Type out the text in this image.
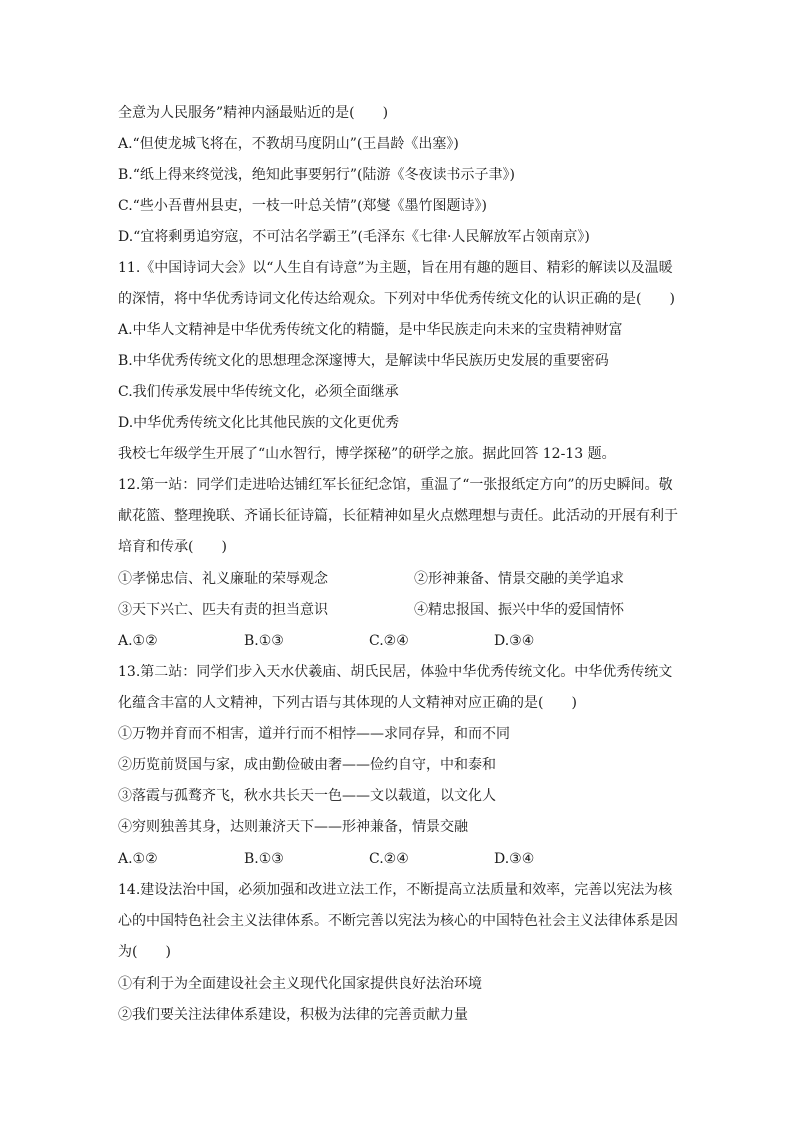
全意为人民服务”精神内涵最贴近的是(　　)
A.“但使龙城飞将在，不教胡马度阴山”(王昌龄《出塞》)
B.“纸上得来终觉浅，绝知此事要躬行”(陆游《冬夜读书示子聿》)
C.“些小吾曹州县吏，一枝一叶总关情”(郑燮《墨竹图题诗》)
D.“宜将剩勇追穷寇，不可沽名学霸王”(毛泽东《七律·人民解放军占领南京》)
11.《中国诗词大会》以“人生自有诗意”为主题，旨在用有趣的题目、精彩的解读以及温暖
的深情，将中华优秀诗词文化传达给观众。下列对中华优秀传统文化的认识正确的是(　　)
A.中华人文精神是中华优秀传统文化的精髓，是中华民族走向未来的宝贵精神财富
B.中华优秀传统文化的思想理念深邃博大，是解读中华民族历史发展的重要密码
C.我们传承发展中华传统文化，必须全面继承
D.中华优秀传统文化比其他民族的文化更优秀
我校七年级学生开展了“山水智行，博学探秘”的研学之旅。据此回答 12-13 题。
12.第一站：同学们走进哈达铺红军长征纪念馆，重温了“一张报纸定方向”的历史瞬间。敬
献花篮、整理挽联、齐诵长征诗篇，长征精神如星火点燃理想与责任。此活动的开展有利于
培育和传承(　　)
①孝悌忠信、礼义廉耻的荣辱观念	②形神兼备、情景交融的美学追求
③天下兴亡、匹夫有责的担当意识	④精忠报国、振兴中华的爱国情怀
A.①②	B.①③	C.②④	D.③④
13.第二站：同学们步入天水伏羲庙、胡氏民居，体验中华优秀传统文化。中华优秀传统文
化蕴含丰富的人文精神，下列古语与其体现的人文精神对应正确的是(　　)
①万物并育而不相害，道并行而不相悖——求同存异，和而不同
②历览前贤国与家，成由勤俭破由奢——俭约自守，中和泰和
③落霞与孤鹜齐飞，秋水共长天一色——文以载道，以文化人
④穷则独善其身，达则兼济天下——形神兼备，情景交融
A.①②	B.①③	C.②④	D.③④
14.建设法治中国，必须加强和改进立法工作，不断提高立法质量和效率，完善以宪法为核
心的中国特色社会主义法律体系。不断完善以宪法为核心的中国特色社会主义法律体系是因
为(　　)
①有利于为全面建设社会主义现代化国家提供良好法治环境
②我们要关注法律体系建设，积极为法律的完善贡献力量
